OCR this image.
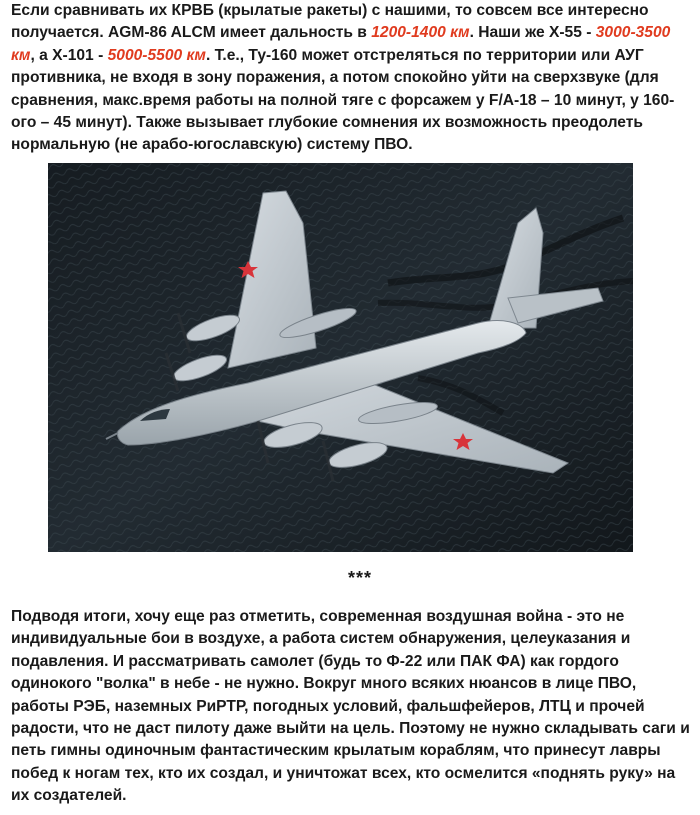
Если сравнивать их КРВБ (крылатые ракеты) с нашими, то совсем все интересно получается. AGM-86 ALCM имеет дальность в 1200-1400 км. Наши же Х-55 - 3000-3500 км, а Х-101 - 5000-5500 км. Т.е., Ту-160 может отстреляться по территории или АУГ противника, не входя в зону поражения, а потом спокойно уйти на сверхзвуке (для сравнения, макс.время работы на полной тяге с форсажем у F/A-18 – 10 минут, у 160-ого – 45 минут). Также вызывает глубокие сомнения их возможность преодолеть нормальную (не арабо-югославскую) систему ПВО.

***

Подводя итоги, хочу еще раз отметить, современная воздушная война - это не индивидуальные бои в воздухе, а работа систем обнаружения, целеуказания и подавления. И рассматривать самолет (будь то Ф-22 или ПАК ФА) как гордого одинокого "волка" в небе - не нужно. Вокруг много всяких нюансов в лице ПВО, работы РЭБ, наземных РиРТР, погодных условий, фальшфейеров, ЛТЦ и прочей радости, что не даст пилоту даже выйти на цель. Поэтому не нужно складывать саги и петь гимны одиночным фантастическим крылатым кораблям, что принесут лавры побед к ногам тех, кто их создал, и уничтожат всех, кто осмелится «поднять руку» на их создателей.
